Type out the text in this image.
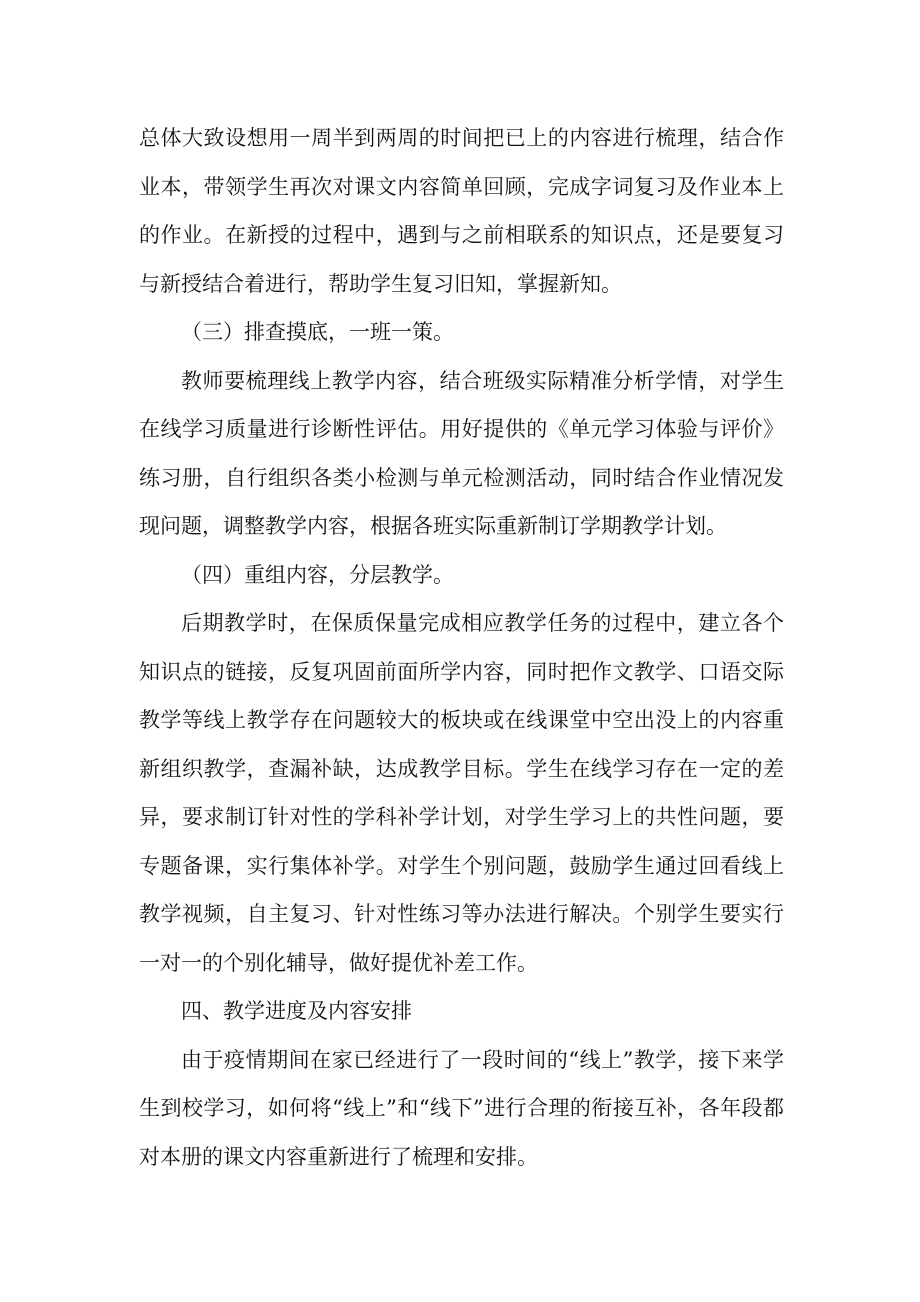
总体大致设想用一周半到两周的时间把已上的内容进行梳理，结合作业本，带领学生再次对课文内容简单回顾，完成字词复习及作业本上的作业。在新授的过程中，遇到与之前相联系的知识点，还是要复习与新授结合着进行，帮助学生复习旧知，掌握新知。

（三）排查摸底，一班一策。

教师要梳理线上教学内容，结合班级实际精准分析学情，对学生在线学习质量进行诊断性评估。用好提供的《单元学习体验与评价》练习册，自行组织各类小检测与单元检测活动，同时结合作业情况发现问题，调整教学内容，根据各班实际重新制订学期教学计划。

（四）重组内容，分层教学。

后期教学时，在保质保量完成相应教学任务的过程中，建立各个知识点的链接，反复巩固前面所学内容，同时把作文教学、口语交际教学等线上教学存在问题较大的板块或在线课堂中空出没上的内容重新组织教学，查漏补缺，达成教学目标。学生在线学习存在一定的差异，要求制订针对性的学科补学计划，对学生学习上的共性问题，要专题备课，实行集体补学。对学生个别问题，鼓励学生通过回看线上教学视频，自主复习、针对性练习等办法进行解决。个别学生要实行一对一的个别化辅导，做好提优补差工作。

四、教学进度及内容安排

由于疫情期间在家已经进行了一段时间的“线上”教学，接下来学生到校学习，如何将“线上”和“线下”进行合理的衔接互补，各年段都对本册的课文内容重新进行了梳理和安排。
